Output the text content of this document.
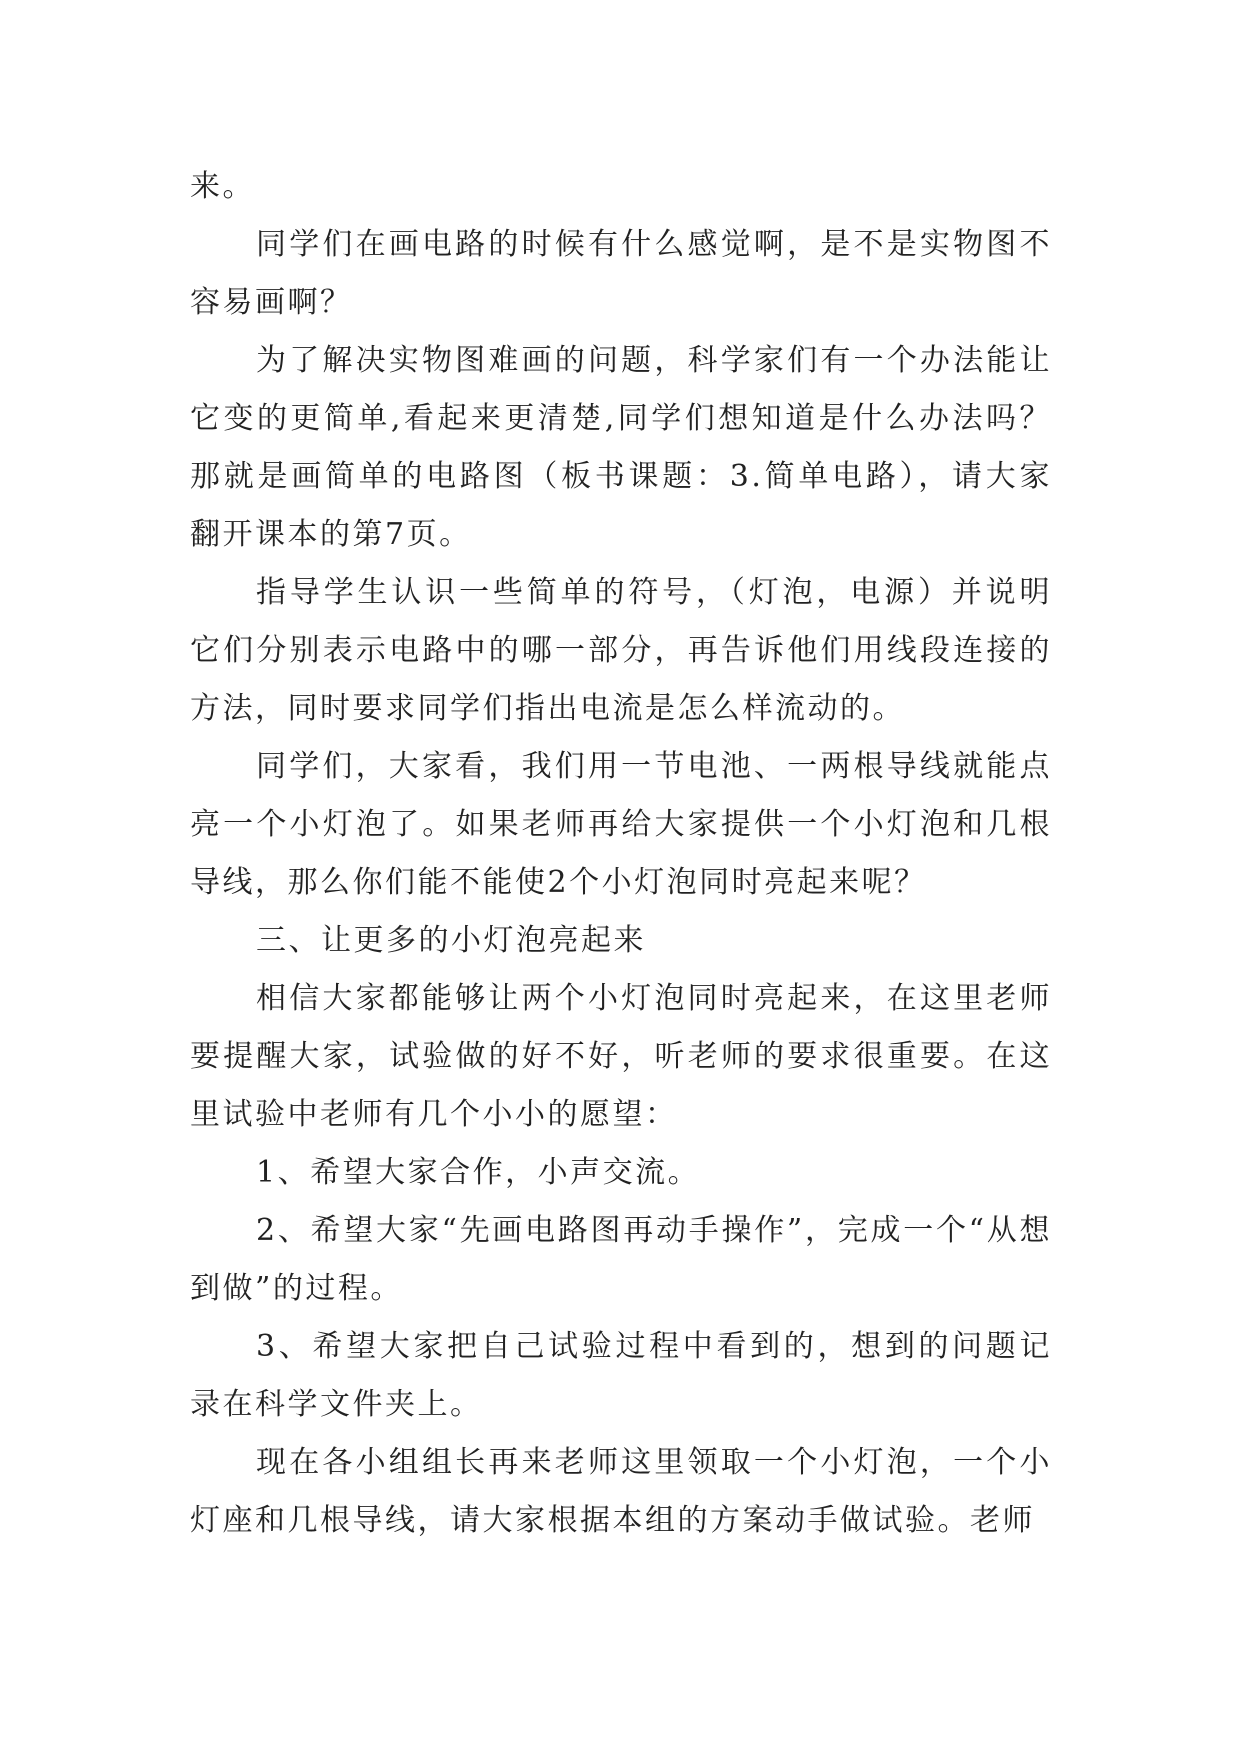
来。

同学们在画电路的时候有什么感觉啊，是不是实物图不容易画啊？

为了解决实物图难画的问题，科学家们有一个办法能让它变的更简单,看起来更清楚,同学们想知道是什么办法吗？那就是画简单的电路图（板书课题：3.简单电路），请大家翻开课本的第7页。

指导学生认识一些简单的符号，（灯泡，电源）并说明它们分别表示电路中的哪一部分，再告诉他们用线段连接的方法，同时要求同学们指出电流是怎么样流动的。

同学们，大家看，我们用一节电池、一两根导线就能点亮一个小灯泡了。如果老师再给大家提供一个小灯泡和几根导线，那么你们能不能使2个小灯泡同时亮起来呢？

三、让更多的小灯泡亮起来

相信大家都能够让两个小灯泡同时亮起来，在这里老师要提醒大家，试验做的好不好，听老师的要求很重要。在这里试验中老师有几个小小的愿望：

1、希望大家合作，小声交流。

2、希望大家“先画电路图再动手操作”，完成一个“从想到做”的过程。

3、希望大家把自己试验过程中看到的，想到的问题记录在科学文件夹上。

现在各小组组长再来老师这里领取一个小灯泡，一个小灯座和几根导线，请大家根据本组的方案动手做试验。老师
